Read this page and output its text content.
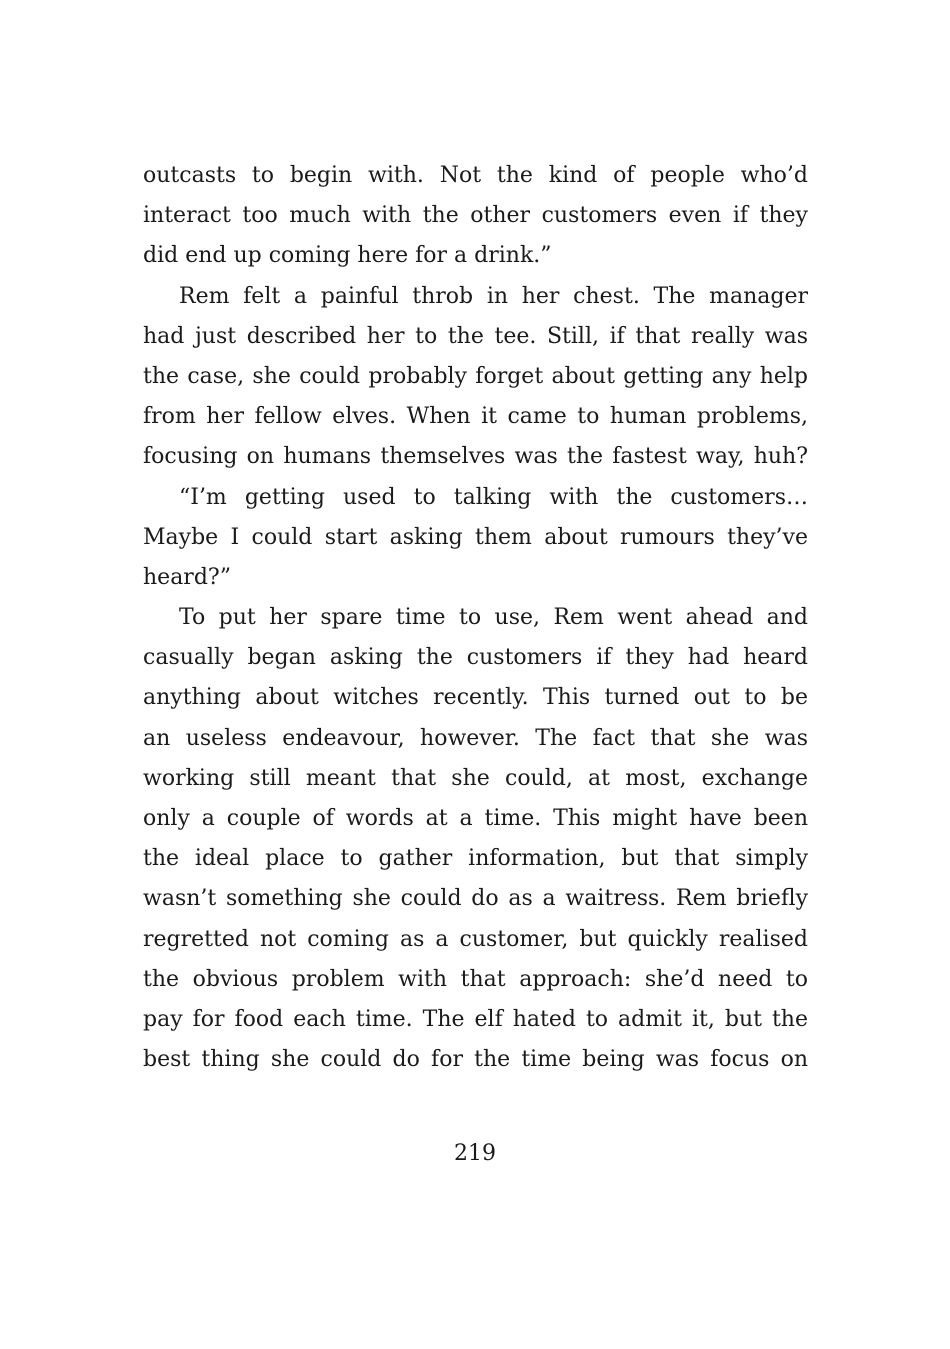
outcasts to begin with. Not the kind of people who’d
interact too much with the other customers even if they
did end up coming here for a drink.”
Rem felt a painful throb in her chest. The manager
had just described her to the tee. Still, if that really was
the case, she could probably forget about getting any help
from her fellow elves. When it came to human problems,
focusing on humans themselves was the fastest way, huh?
“I’m getting used to talking with the customers…
Maybe I could start asking them about rumours they’ve
heard?”
To put her spare time to use, Rem went ahead and
casually began asking the customers if they had heard
anything about witches recently. This turned out to be
an useless endeavour, however. The fact that she was
working still meant that she could, at most, exchange
only a couple of words at a time. This might have been
the ideal place to gather information, but that simply
wasn’t something she could do as a waitress. Rem briefly
regretted not coming as a customer, but quickly realised
the obvious problem with that approach: she’d need to
pay for food each time. The elf hated to admit it, but the
best thing she could do for the time being was focus on
219
